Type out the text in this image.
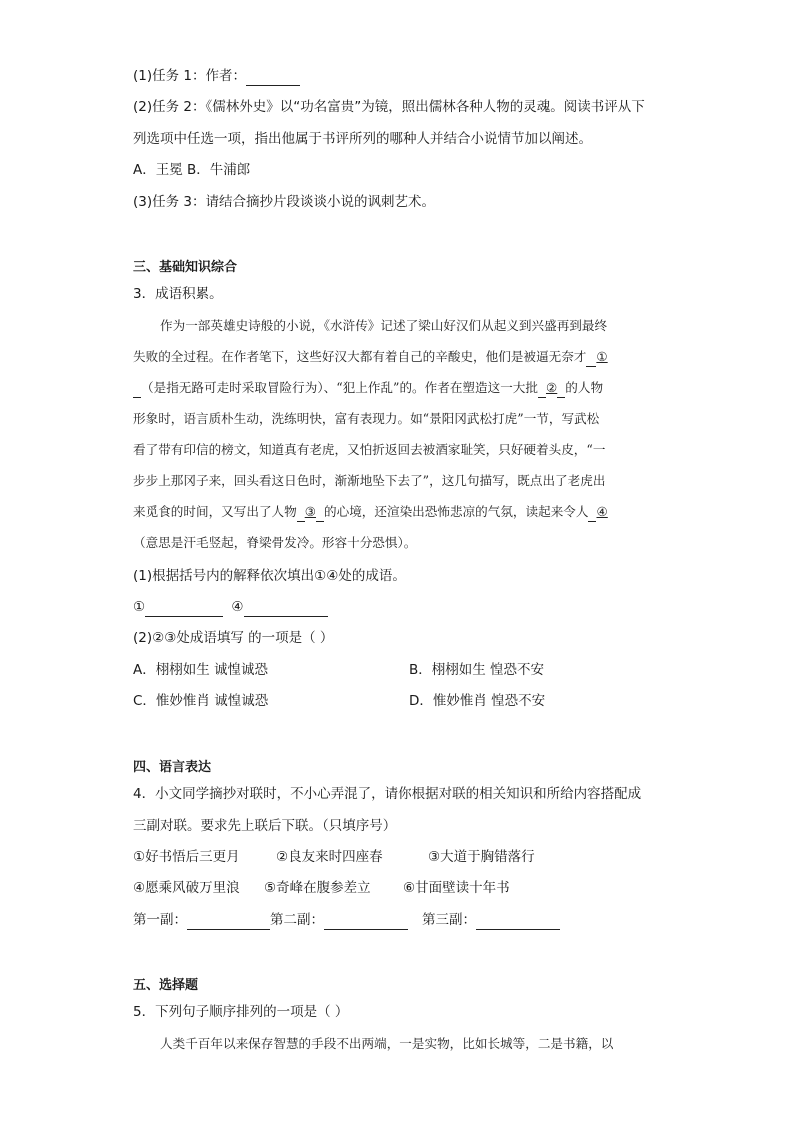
(1)任务 1：作者：
(2)任务 2：《儒林外史》以“功名富贵”为镜，照出儒林各种人物的灵魂。阅读书评从下
列选项中任选一项，指出他属于书评所列的哪种人并结合小说情节加以阐述。
A．王冕 B．牛浦郎
(3)任务 3：请结合摘抄片段谈谈小说的讽刺艺术。
三、基础知识综合
3．成语积累。
作为一部英雄史诗般的小说，《水浒传》记述了梁山好汉们从起义到兴盛再到最终
失败的全过程。在作者笔下，这些好汉大都有着自己的辛酸史，他们是被逼无奈才 ①
（是指无路可走时采取冒险行为）、“犯上作乱”的。作者在塑造这一大批 ② 的人物
形象时，语言质朴生动，洗练明快，富有表现力。如“景阳冈武松打虎”一节，写武松
看了带有印信的榜文，知道真有老虎，又怕折返回去被酒家耻笑，只好硬着头皮，“一
步步上那冈子来，回头看这日色时，渐渐地坠下去了”，这几句描写，既点出了老虎出
来觅食的时间，又写出了人物 ③ 的心境，还渲染出恐怖悲凉的气氛，读起来令人 ④
（意思是汗毛竖起，脊梁骨发冷。形容十分恐惧）。
(1)根据括号内的解释依次填出①④处的成语。
①	④
(2)②③处成语填写 的一项是（ ）
A．栩栩如生 诚惶诚恐	B．栩栩如生 惶恐不安
C．惟妙惟肖 诚惶诚恐	D．惟妙惟肖 惶恐不安
四、语言表达
4．小文同学摘抄对联时，不小心弄混了，请你根据对联的相关知识和所给内容搭配成
三副对联。要求先上联后下联。（只填序号）
①好书悟后三更月	②良友来时四座春	③大道于胸错落行
④愿乘风破万里浪 ⑤奇峰在腹参差立 ⑥甘面壁读十年书
第一副：	第二副：	第三副：
五、选择题
5．下列句子顺序排列的一项是（ ）
人类千百年以来保存智慧的手段不出两端，一是实物，比如长城等，二是书籍，以
